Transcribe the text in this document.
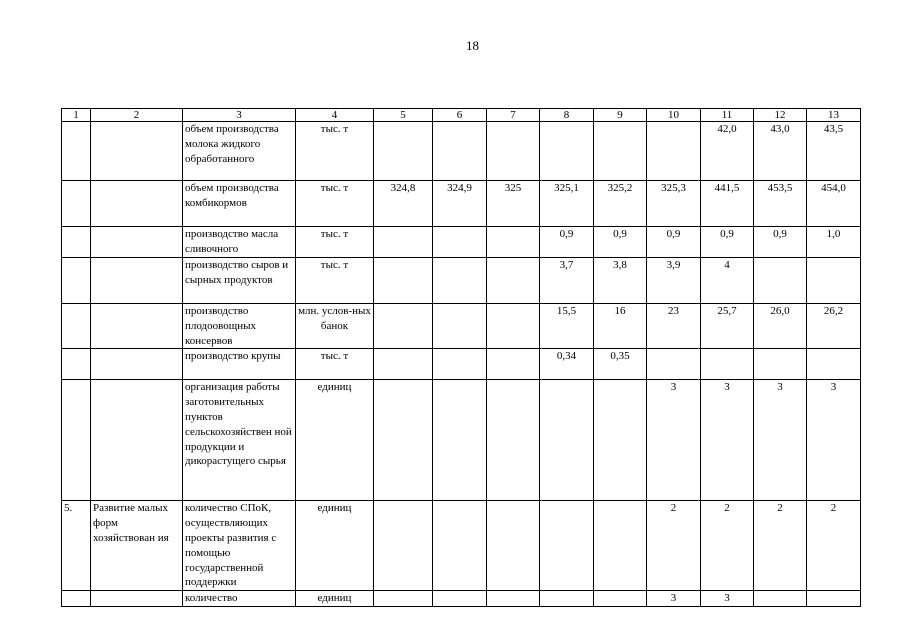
18
1	2	3	4	5	6	7	8	9	10	11	12	13
		объем производства молока жидкого обработанного	тыс. т							42,0	43,0	43,5
		объем производства комбикормов	тыс. т	324,8	324,9	325	325,1	325,2	325,3	441,5	453,5	454,0
		производство масла сливочного	тыс. т				0,9	0,9	0,9	0,9	0,9	1,0
		производство сыров и сырных продуктов	тыс. т				3,7	3,8	3,9	4		
		производство плодоовощных консервов	млн. услов-ных банок				15,5	16	23	25,7	26,0	26,2
		производство крупы	тыс. т				0,34	0,35				
		организация работы заготовительных пунктов сельскохозяйствен ной продукции и дикорастущего сырья	единиц						3	3	3	3
5.	Развитие малых форм хозяйствован ия	количество СПоК, осуществляющих проекты развития с помощью государственной поддержки	единиц						2	2	2	2
		количество	единиц						3	3		
